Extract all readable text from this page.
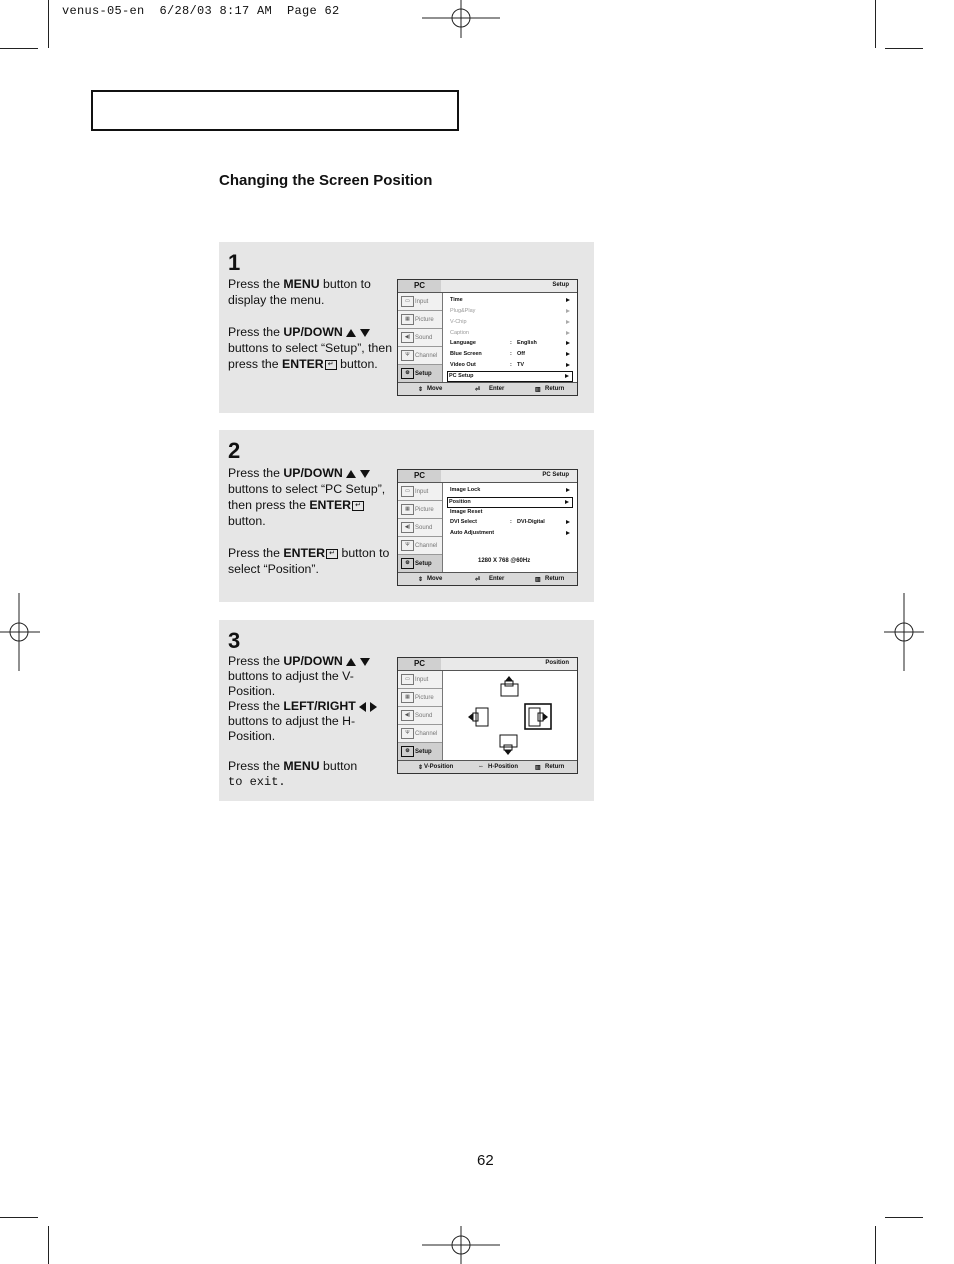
venus-05-en  6/28/03 8:17 AM  Page 62
Changing the Screen Position
1
Press the MENU button to display the menu.
Press the UP/DOWN   buttons to select “Setup”, then press the ENTER ↵ button.
PC	Setup
▭ Input
▦ Picture
◀) Sound
Ψ Channel
⚙ Setup
Time
Plug&Play
V-Chip
Caption
Language	: English
Blue Screen	: Off
Video Out	: TV
PC Setup
⇕ Move	⏎ Enter	▥ Return
2
Press the UP/DOWN   buttons to select “PC Setup”, then press the ENTER ↵ button.
Press the ENTER ↵ button to select “Position”.
PC	PC Setup
▭ Input
▦ Picture
◀) Sound
Ψ Channel
⚙ Setup
Image Lock
Position
Image Reset
DVI Select	: DVI-Digital
Auto Adjustment
1280 X 768 @60Hz
⇕ Move	⏎ Enter	▥ Return
3
Press the UP/DOWN   buttons to adjust the V-Position.
Press the LEFT/RIGHT   buttons to adjust the H-Position.
Press the MENU button
to exit.
PC	Position
▭ Input
▦ Picture
◀) Sound
Ψ Channel
⚙ Setup
⇕ V-Position	⇔ H-Position	▥ Return
62
